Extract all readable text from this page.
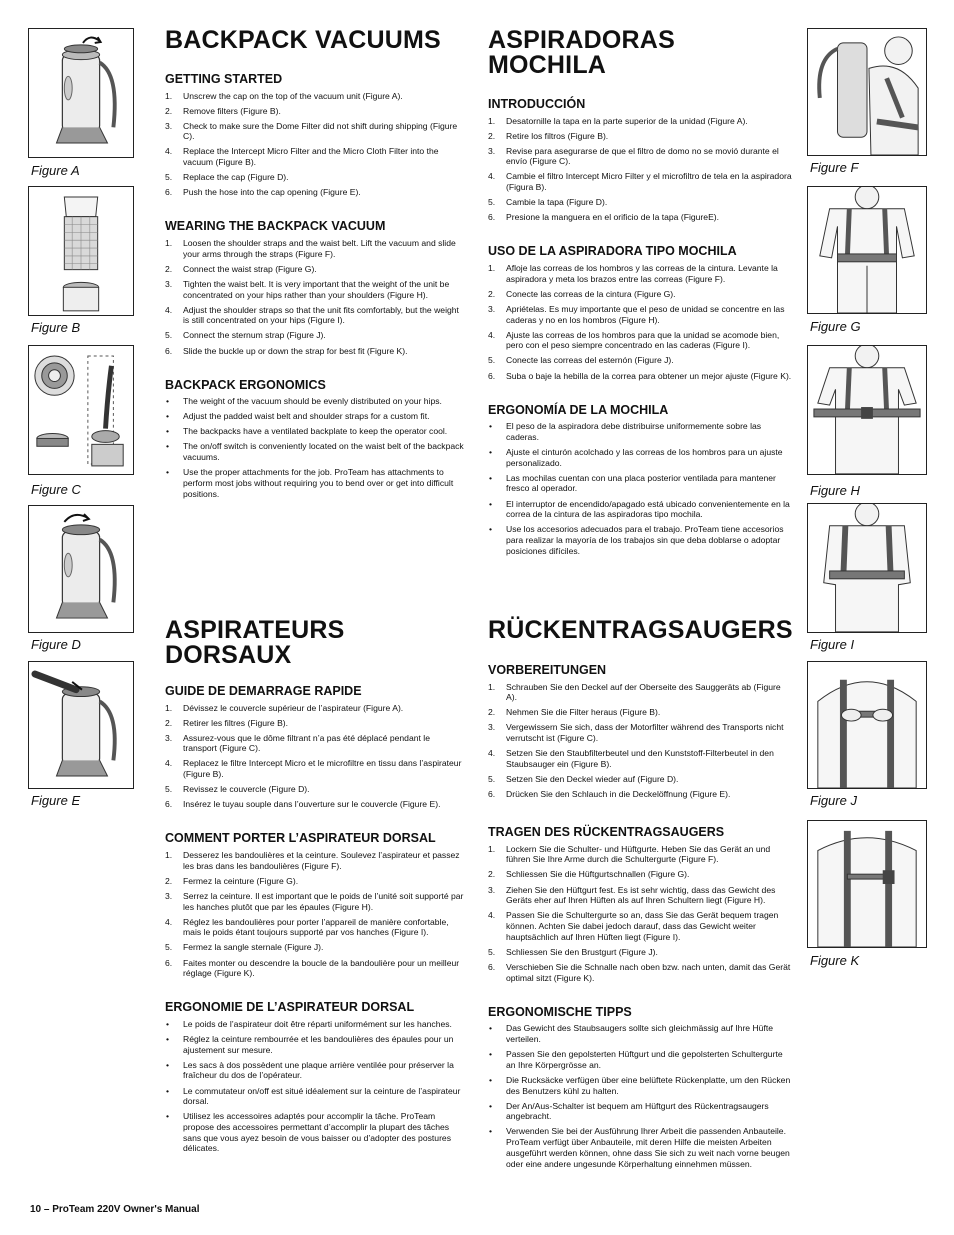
Figure A
Figure B
Figure C
Figure D
Figure E
Figure F
Figure G
Figure H
Figure I
Figure J
Figure K
BACKPACK VACUUMS
GETTING STARTED
1. Unscrew the cap on the top of the vacuum unit (Figure A).
2. Remove filters (Figure B).
3. Check to make sure the Dome Filter did not shift during shipping (Figure C).
4. Replace the Intercept Micro Filter and the Micro Cloth Filter into the vacuum (Figure B).
5. Replace the cap (Figure D).
6. Push the hose into the cap opening (Figure E).
WEARING THE BACKPACK VACUUM
1. Loosen the shoulder straps and the waist belt. Lift the vacuum and slide your arms through the straps (Figure F).
2. Connect the waist strap (Figure G).
3. Tighten the waist belt. It is very important that the weight of the unit be concentrated on your hips rather than your shoulders (Figure H).
4. Adjust the shoulder straps so that the unit fits comfortably, but the weight is still concentrated on your hips (Figure I).
5. Connect the sternum strap (Figure J).
6. Slide the buckle up or down the strap for best fit (Figure K).
BACKPACK ERGONOMICS
• The weight of the vacuum should be evenly distributed on your hips.
• Adjust the padded waist belt and shoulder straps for a custom fit.
• The backpacks have a ventilated backplate to keep the operator cool.
• The on/off switch is conveniently located on the waist belt of the backpack vacuums.
• Use the proper attachments for the job. ProTeam has attachments to perform most jobs without requiring you to bend over or get into difficult positions.
ASPIRADORAS MOCHILA
INTRODUCCIÓN
1. Desatornille la tapa en la parte superior de la unidad (Figure A).
2. Retire los filtros (Figure B).
3. Revise para asegurarse de que el filtro de domo no se movió durante el envío (Figure C).
4. Cambie el filtro Intercept Micro Filter y el microfiltro de tela en la aspiradora (Figura B).
5. Cambie la tapa (Figure D).
6. Presione la manguera en el orificio de la tapa (FigureE).
USO DE LA ASPIRADORA TIPO MOCHILA
1. Afloje las correas de los hombros y las correas de la cintura. Levante la aspiradora y meta los brazos entre las correas (Figure F).
2. Conecte las correas de la cintura (Figure G).
3. Apriételas. Es muy importante que el peso de unidad se concentre en las caderas y no en los hombros (Figure H).
4. Ajuste las correas de los hombros para que la unidad se acomode bien, pero con el peso siempre concentrado en las caderas (Figure I).
5. Conecte las correas del esternón (Figure J).
6. Suba o baje la hebilla de la correa para obtener un mejor ajuste (Figure K).
ERGONOMÍA DE LA MOCHILA
• El peso de la aspiradora debe distribuirse uniformemente sobre las caderas.
• Ajuste el cinturón acolchado y las correas de los hombros para un ajuste personalizado.
• Las mochilas cuentan con una placa posterior ventilada para mantener fresco al operador.
• El interruptor de encendido/apagado está ubicado convenientemente en la correa de la cintura de las aspiradoras tipo mochila.
• Use los accesorios adecuados para el trabajo. ProTeam tiene accesorios para realizar la mayoría de los trabajos sin que deba doblarse o adoptar posiciones difíciles.
ASPIRATEURS DORSAUX
GUIDE DE DEMARRAGE RAPIDE
1. Dévissez le couvercle supérieur de l’aspirateur (Figure A).
2. Retirer les filtres (Figure B).
3. Assurez-vous que le dôme filtrant n’a pas été déplacé pendant le transport (Figure C).
4. Replacez le filtre Intercept Micro et le microfiltre en tissu dans l’aspirateur (Figure B).
5. Revissez le couvercle (Figure D).
6. Insérez le tuyau souple dans l’ouverture sur le couvercle (Figure E).
COMMENT PORTER L’ASPIRATEUR DORSAL
1. Desserez les bandoulières et la ceinture. Soulevez l’aspirateur et passez les bras dans les bandoulières (Figure F).
2. Fermez la ceinture (Figure G).
3. Serrez la ceinture. Il est important que le poids de l’unité soit supporté par les hanches plutôt que par les épaules (Figure H).
4. Réglez les bandoulières pour porter l’appareil de manière confortable, mais le poids étant toujours supporté par vos hanches (Figure I).
5. Fermez la sangle sternale (Figure J).
6. Faites monter ou descendre la boucle de la bandoulière pour un meilleur réglage (Figure K).
ERGONOMIE DE L’ASPIRATEUR DORSAL
• Le poids de l’aspirateur doit être réparti uniformément sur les hanches.
• Réglez la ceinture rembourrée et les bandoulières des épaules pour un ajustement sur mesure.
• Les sacs à dos possèdent une plaque arrière ventilée pour préserver la fraîcheur du dos de l’opérateur.
• Le commutateur on/off est situé idéalement sur la ceinture de l’aspirateur dorsal.
• Utilisez les accessoires adaptés pour accomplir la tâche. ProTeam propose des accessoires permettant d’accomplir la plupart des tâches sans que vous ayez besoin de vous baisser ou d’adopter des postures délicates.
RÜCKENTRAGSAUGERS
VORBEREITUNGEN
1. Schrauben Sie den Deckel auf der Oberseite des Sauggeräts ab (Figure A).
2. Nehmen Sie die Filter heraus (Figure B).
3. Vergewissern Sie sich, dass der Motorfilter während des Transports nicht verrutscht ist (Figure C).
4. Setzen Sie den Staubfilterbeutel und den Kunststoff-Filterbeutel in den Staubsauger ein (Figure B).
5. Setzen Sie den Deckel wieder auf (Figure D).
6. Drücken Sie den Schlauch in die Deckelöffnung (Figure E).
TRAGEN DES RÜCKENTRAGSAUGERS
1. Lockern Sie die Schulter- und Hüftgurte. Heben Sie das Gerät an und führen Sie Ihre Arme durch die Schultergurte (Figure F).
2. Schliessen Sie die Hüftgurtschnallen (Figure G).
3. Ziehen Sie den Hüftgurt fest. Es ist sehr wichtig, dass das Gewicht des Geräts eher auf Ihren Hüften als auf Ihren Schultern liegt (Figure H).
4. Passen Sie die Schultergurte so an, dass Sie das Gerät bequem tragen können. Achten Sie dabei jedoch darauf, dass das Gewicht weiter hauptsächlich auf Ihren Hüften liegt (Figure I).
5. Schliessen Sie den Brustgurt (Figure J).
6. Verschieben Sie die Schnalle nach oben bzw. nach unten, damit das Gerät optimal sitzt (Figure K).
ERGONOMISCHE TIPPS
• Das Gewicht des Staubsaugers sollte sich gleichmässig auf Ihre Hüfte verteilen.
• Passen Sie den gepolsterten Hüftgurt und die gepolsterten Schultergurte an Ihre Körpergrösse an.
• Die Rucksäcke verfügen über eine belüftete Rückenplatte, um den Rücken des Benutzers kühl zu halten.
• Der An/Aus-Schalter ist bequem am Hüftgurt des Rückentragsaugers angebracht.
• Verwenden Sie bei der Ausführung Ihrer Arbeit die passenden Anbauteile. ProTeam verfügt über Anbauteile, mit deren Hilfe die meisten Arbeiten ausgeführt werden können, ohne dass Sie sich zu weit nach vorne beugen oder eine andere ungesunde Körperhaltung einnehmen müssen.
10 – ProTeam 220V Owner's Manual
